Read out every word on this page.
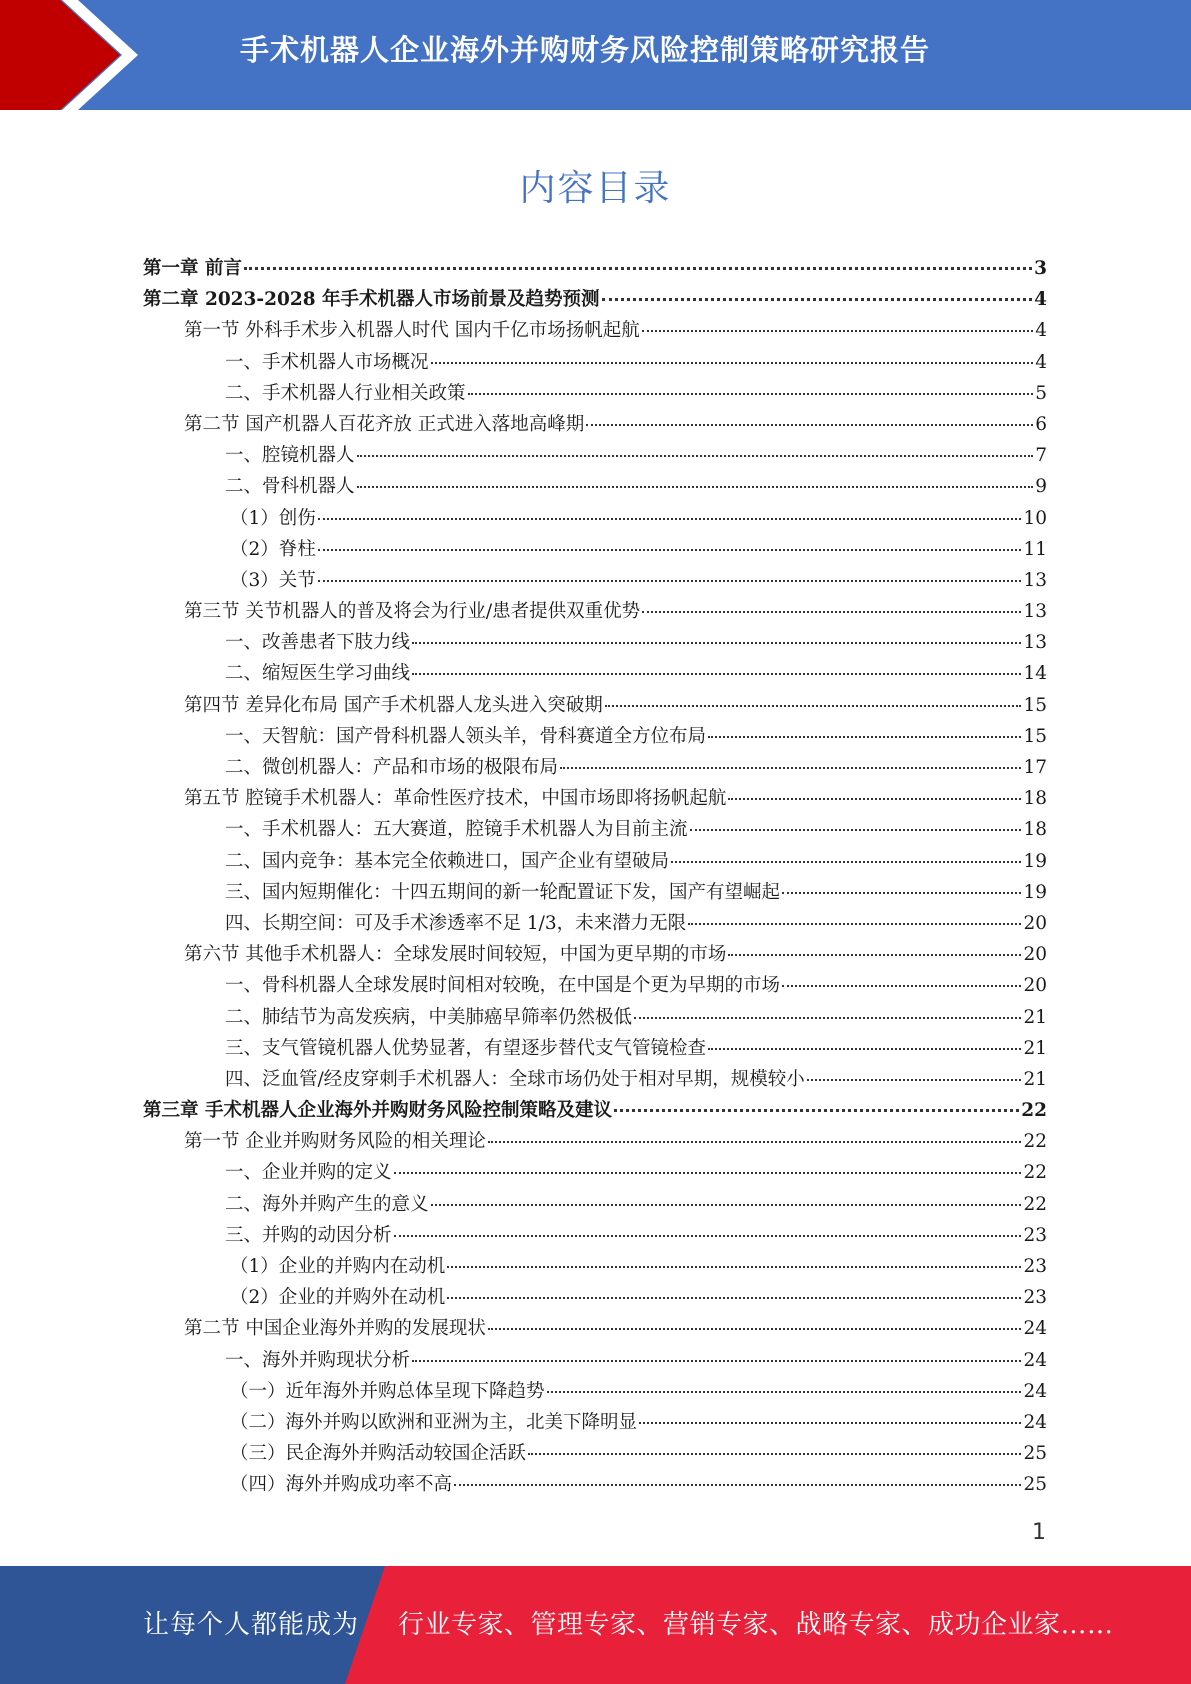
手术机器人企业海外并购财务风险控制策略研究报告
内容目录
第一章 前言	3
第二章 2023-2028 年手术机器人市场前景及趋势预测	4
第一节 外科手术步入机器人时代 国内千亿市场扬帆起航	4
一、手术机器人市场概况	4
二、手术机器人行业相关政策	5
第二节 国产机器人百花齐放 正式进入落地高峰期	6
一、腔镜机器人	7
二、骨科机器人	9
（1）创伤	10
（2）脊柱	11
（3）关节	13
第三节 关节机器人的普及将会为行业/患者提供双重优势	13
一、改善患者下肢力线	13
二、缩短医生学习曲线	14
第四节 差异化布局 国产手术机器人龙头进入突破期	15
一、天智航：国产骨科机器人领头羊，骨科赛道全方位布局	15
二、微创机器人：产品和市场的极限布局	17
第五节 腔镜手术机器人：革命性医疗技术，中国市场即将扬帆起航	18
一、手术机器人：五大赛道，腔镜手术机器人为目前主流	18
二、国内竞争：基本完全依赖进口，国产企业有望破局	19
三、国内短期催化：十四五期间的新一轮配置证下发，国产有望崛起	19
四、长期空间：可及手术渗透率不足 1/3，未来潜力无限	20
第六节 其他手术机器人：全球发展时间较短，中国为更早期的市场	20
一、骨科机器人全球发展时间相对较晚，在中国是个更为早期的市场	20
二、肺结节为高发疾病，中美肺癌早筛率仍然极低	21
三、支气管镜机器人优势显著，有望逐步替代支气管镜检查	21
四、泛血管/经皮穿刺手术机器人：全球市场仍处于相对早期，规模较小	21
第三章 手术机器人企业海外并购财务风险控制策略及建议	22
第一节 企业并购财务风险的相关理论	22
一、企业并购的定义	22
二、海外并购产生的意义	22
三、并购的动因分析	23
（1）企业的并购内在动机	23
（2）企业的并购外在动机	23
第二节 中国企业海外并购的发展现状	24
一、海外并购现状分析	24
（一）近年海外并购总体呈现下降趋势	24
（二）海外并购以欧洲和亚洲为主，北美下降明显	24
（三）民企海外并购活动较国企活跃	25
（四）海外并购成功率不高	25
1
让每个人都能成为 行业专家、管理专家、营销专家、战略专家、成功企业家……
